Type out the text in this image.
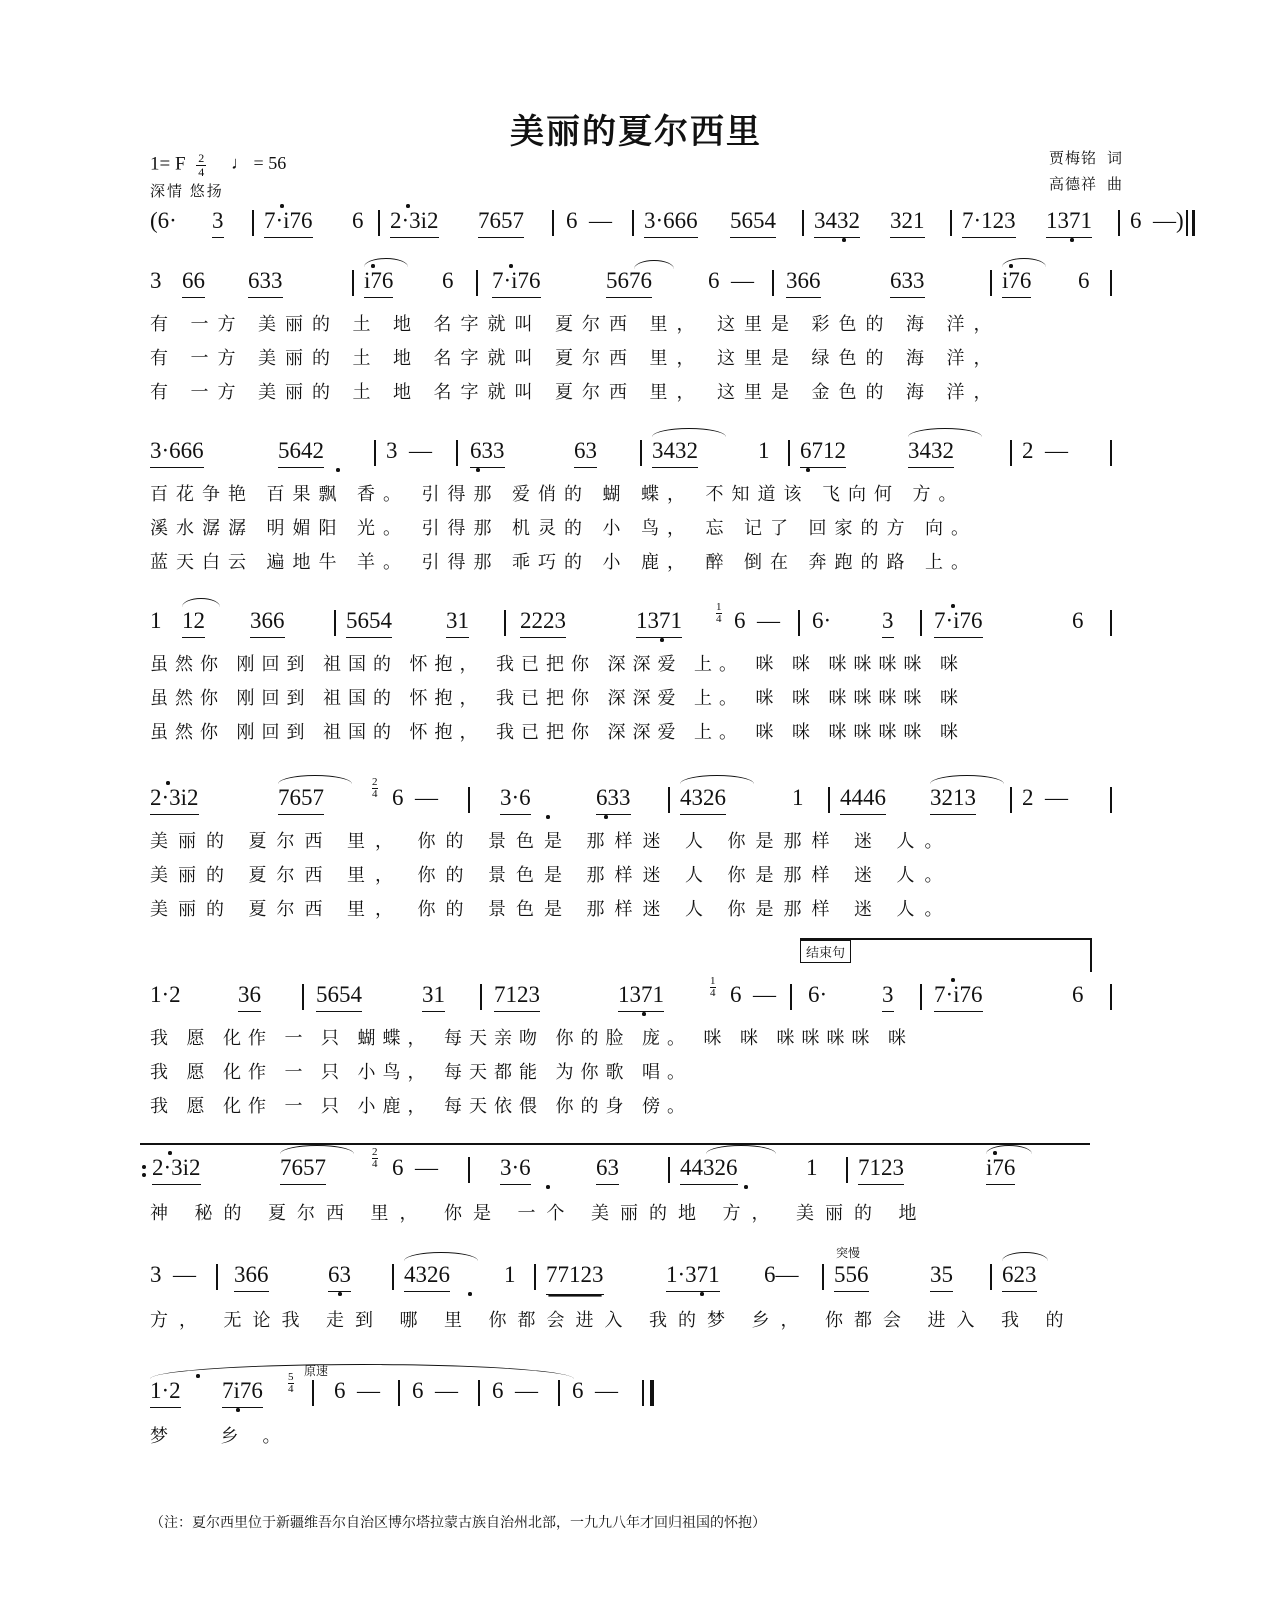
美丽的夏尔西里
1= F $\frac{2}{4}$ ♩ = 56
深情 悠扬
贾梅铭 词
高德祥 曲
(6· 3 7·i76 6 2·3i2 7657 6  — 3·666 5654 3432 321 7·123 1371 6  —)
3 66 633	i76 6 7·i76	5676 6  — 366	633	i76 6
有 一方 美丽的 土 地 名字就叫 夏尔西 里， 这里是 彩色的 海 洋，
有 一方 美丽的 土 地 名字就叫 夏尔西 里， 这里是 绿色的 海 洋，
有 一方 美丽的 土 地 名字就叫 夏尔西 里， 这里是 金色的 海 洋，
3·666	5642	3  — 633	63 3432	1 6712	3432	2  —
百花争艳 百果飘 香。 引得那 爱俏的 蝴 蝶， 不知道该 飞向何 方。
溪水潺潺 明媚阳 光。 引得那 机灵的 小 鸟， 忘 记了 回家的方 向。
蓝天白云 遍地牛 羊。 引得那 乖巧的 小 鹿， 醉 倒在 奔跑的路 上。
1 12 366	5654 31 2223	1371 6  — 6· 3 7·i76	6
1
4
虽然你 刚回到 祖国的 怀抱， 我已把你 深深爱 上。 咪 咪 咪咪咪咪 咪
虽然你 刚回到 祖国的 怀抱， 我已把你 深深爱 上。 咪 咪 咪咪咪咪 咪
虽然你 刚回到 祖国的 怀抱， 我已把你 深深爱 上。 咪 咪 咪咪咪咪 咪
2·3i2	7657	6  —	3·6	633 4326	1 4446 3213 2  —
2
4
美丽的 夏尔西 里， 你的 景色是 那样迷 人 你是那样 迷 人。
美丽的 夏尔西 里， 你的 景色是 那样迷 人 你是那样 迷 人。
美丽的 夏尔西 里， 你的 景色是 那样迷 人 你是那样 迷 人。
结束句
1·2 36 5654	31 7123	1371	6  — 6· 3 7·i76	6
1
4
我 愿 化作 一 只 蝴蝶， 每天亲吻 你的脸 庞。 咪 咪 咪咪咪咪 咪
我 愿 化作 一 只 小鸟， 每天都能 为你歌 唱。
我 愿 化作 一 只 小鹿， 每天依偎 你的身 傍。
2·3i2	7657	6  —	3·6	63	44326	1 7123	i76
2
4
神 秘的 夏尔西 里， 你是 一个 美丽的地 方， 美丽的 地
突慢
3  — 366	63 4326 1 77123	1·371 6— 556	35 623
方， 无论我 走到 哪 里 你都会进入 我的梦 乡， 你都会 进入 我 的
原速
1·2 7i76	6  — 6  — 6  — 6  —
5
4
梦 乡。
（注：夏尔西里位于新疆维吾尔自治区博尔塔拉蒙古族自治州北部，一九九八年才回归祖国的怀抱）
